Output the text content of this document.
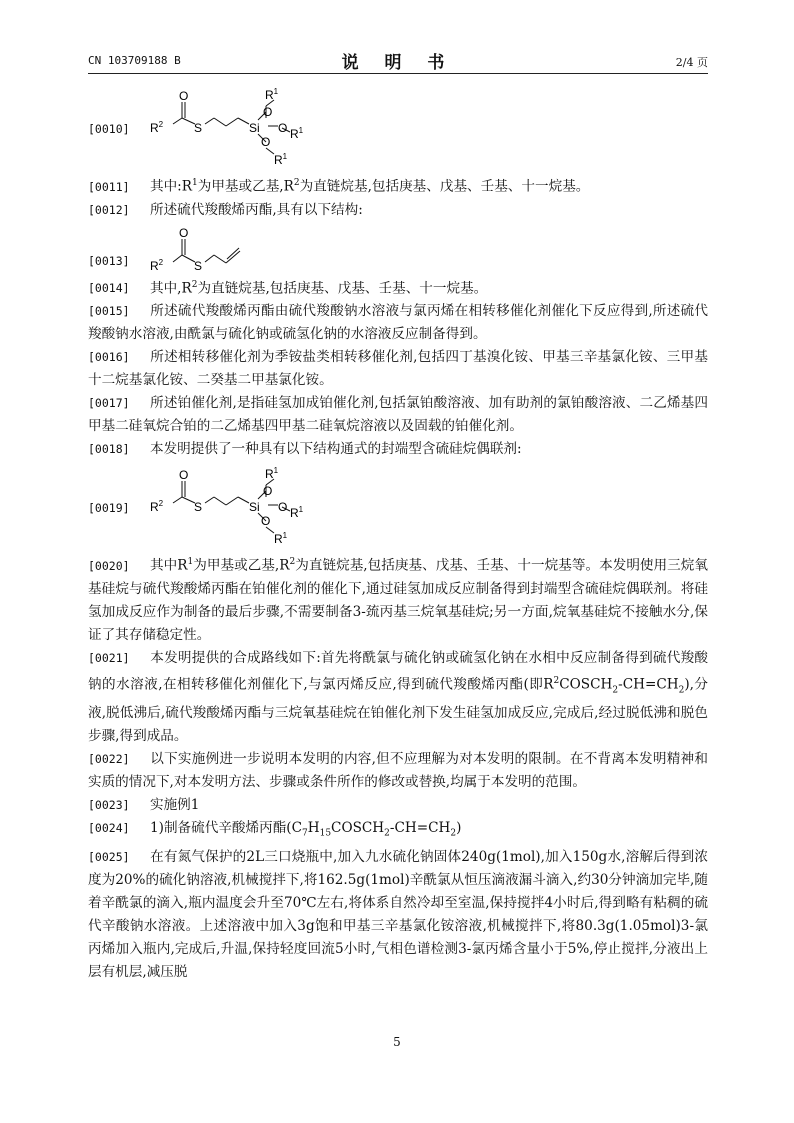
CN 103709188 B	说 明 书	2/4 页
[0010]	$R^2$	S	Si
O
O
O
$R^1$
$R^1$
$R^1$
O

[0011] 其中$:R^1$为甲基或乙基$,R^2$为直链烷基,包括庚基、戊基、壬基、十一烷基。

[0012] 所述硫代羧酸烯丙酯,具有以下结构:

[0013]	$R^2$	S
O

[0014] 其中$,R^2$为直链烷基,包括庚基、戊基、壬基、十一烷基。

[0015] 所述硫代羧酸烯丙酯由硫代羧酸钠水溶液与氯丙烯在相转移催化剂催化下反应得到,所述硫代羧酸钠水溶液,由酰氯与硫化钠或硫氢化钠的水溶液反应制备得到。

[0016] 所述相转移催化剂为季铵盐类相转移催化剂,包括四丁基溴化铵、甲基三辛基氯化铵、三甲基十二烷基氯化铵、二癸基二甲基氯化铵。

[0017] 所述铂催化剂,是指硅氢加成铂催化剂,包括氯铂酸溶液、加有助剂的氯铂酸溶液、二乙烯基四甲基二硅氧烷合铂的二乙烯基四甲基二硅氧烷溶液以及固载的铂催化剂。

[0018] 本发明提供了一种具有以下结构通式的封端型含硫硅烷偶联剂:

[0019]	$R^2$	S	Si
O
O
O
$R^1$
$R^1$
$R^1$
O

[0020] 其中$R^1$为甲基或乙基$,R^2$为直链烷基,包括庚基、戊基、壬基、十一烷基等。本发明使用三烷氧基硅烷与硫代羧酸烯丙酯在铂催化剂的催化下,通过硅氢加成反应制备得到封端型含硫硅烷偶联剂。将硅氢加成反应作为制备的最后步骤,不需要制备3-巯丙基三烷氧基硅烷;另一方面,烷氧基硅烷不接触水分,保证了其存储稳定性。

[0021] 本发明提供的合成路线如下:首先将酰氯与硫化钠或硫氢化钠在水相中反应制备得到硫代羧酸钠的水溶液,在相转移催化剂催化下,与氯丙烯反应,得到硫代羧酸烯丙酯(即$R^2COSCH_2-CH=CH_2$),分液,脱低沸后,硫代羧酸烯丙酯与三烷氧基硅烷在铂催化剂下发生硅氢加成反应,完成后,经过脱低沸和脱色步骤,得到成品。

[0022] 以下实施例进一步说明本发明的内容,但不应理解为对本发明的限制。在不背离本发明精神和实质的情况下,对本发明方法、步骤或条件所作的修改或替换,均属于本发明的范围。

[0023] 实施例1

[0024] 1)制备硫代辛酸烯丙酯$(C_7H_{15}COSCH_2-CH=CH_2)$

[0025] 在有氮气保护的2L三口烧瓶中,加入九水硫化钠固体240g(1mol),加入150g水,溶解后得到浓度为20%的硫化钠溶液,机械搅拌下,将162.5g(1mol)辛酰氯从恒压滴液漏斗滴入,约30分钟滴加完毕,随着辛酰氯的滴入,瓶内温度会升至70℃左右,将体系自然冷却至室温,保持搅拌4小时后,得到略有粘稠的硫代辛酸钠水溶液。上述溶液中加入3g饱和甲基三辛基氯化铵溶液,机械搅拌下,将80.3g(1.05mol)3-氯丙烯加入瓶内,完成后,升温,保持轻度回流5小时,气相色谱检测3-氯丙烯含量小于5%,停止搅拌,分液出上层有机层,减压脱

5
